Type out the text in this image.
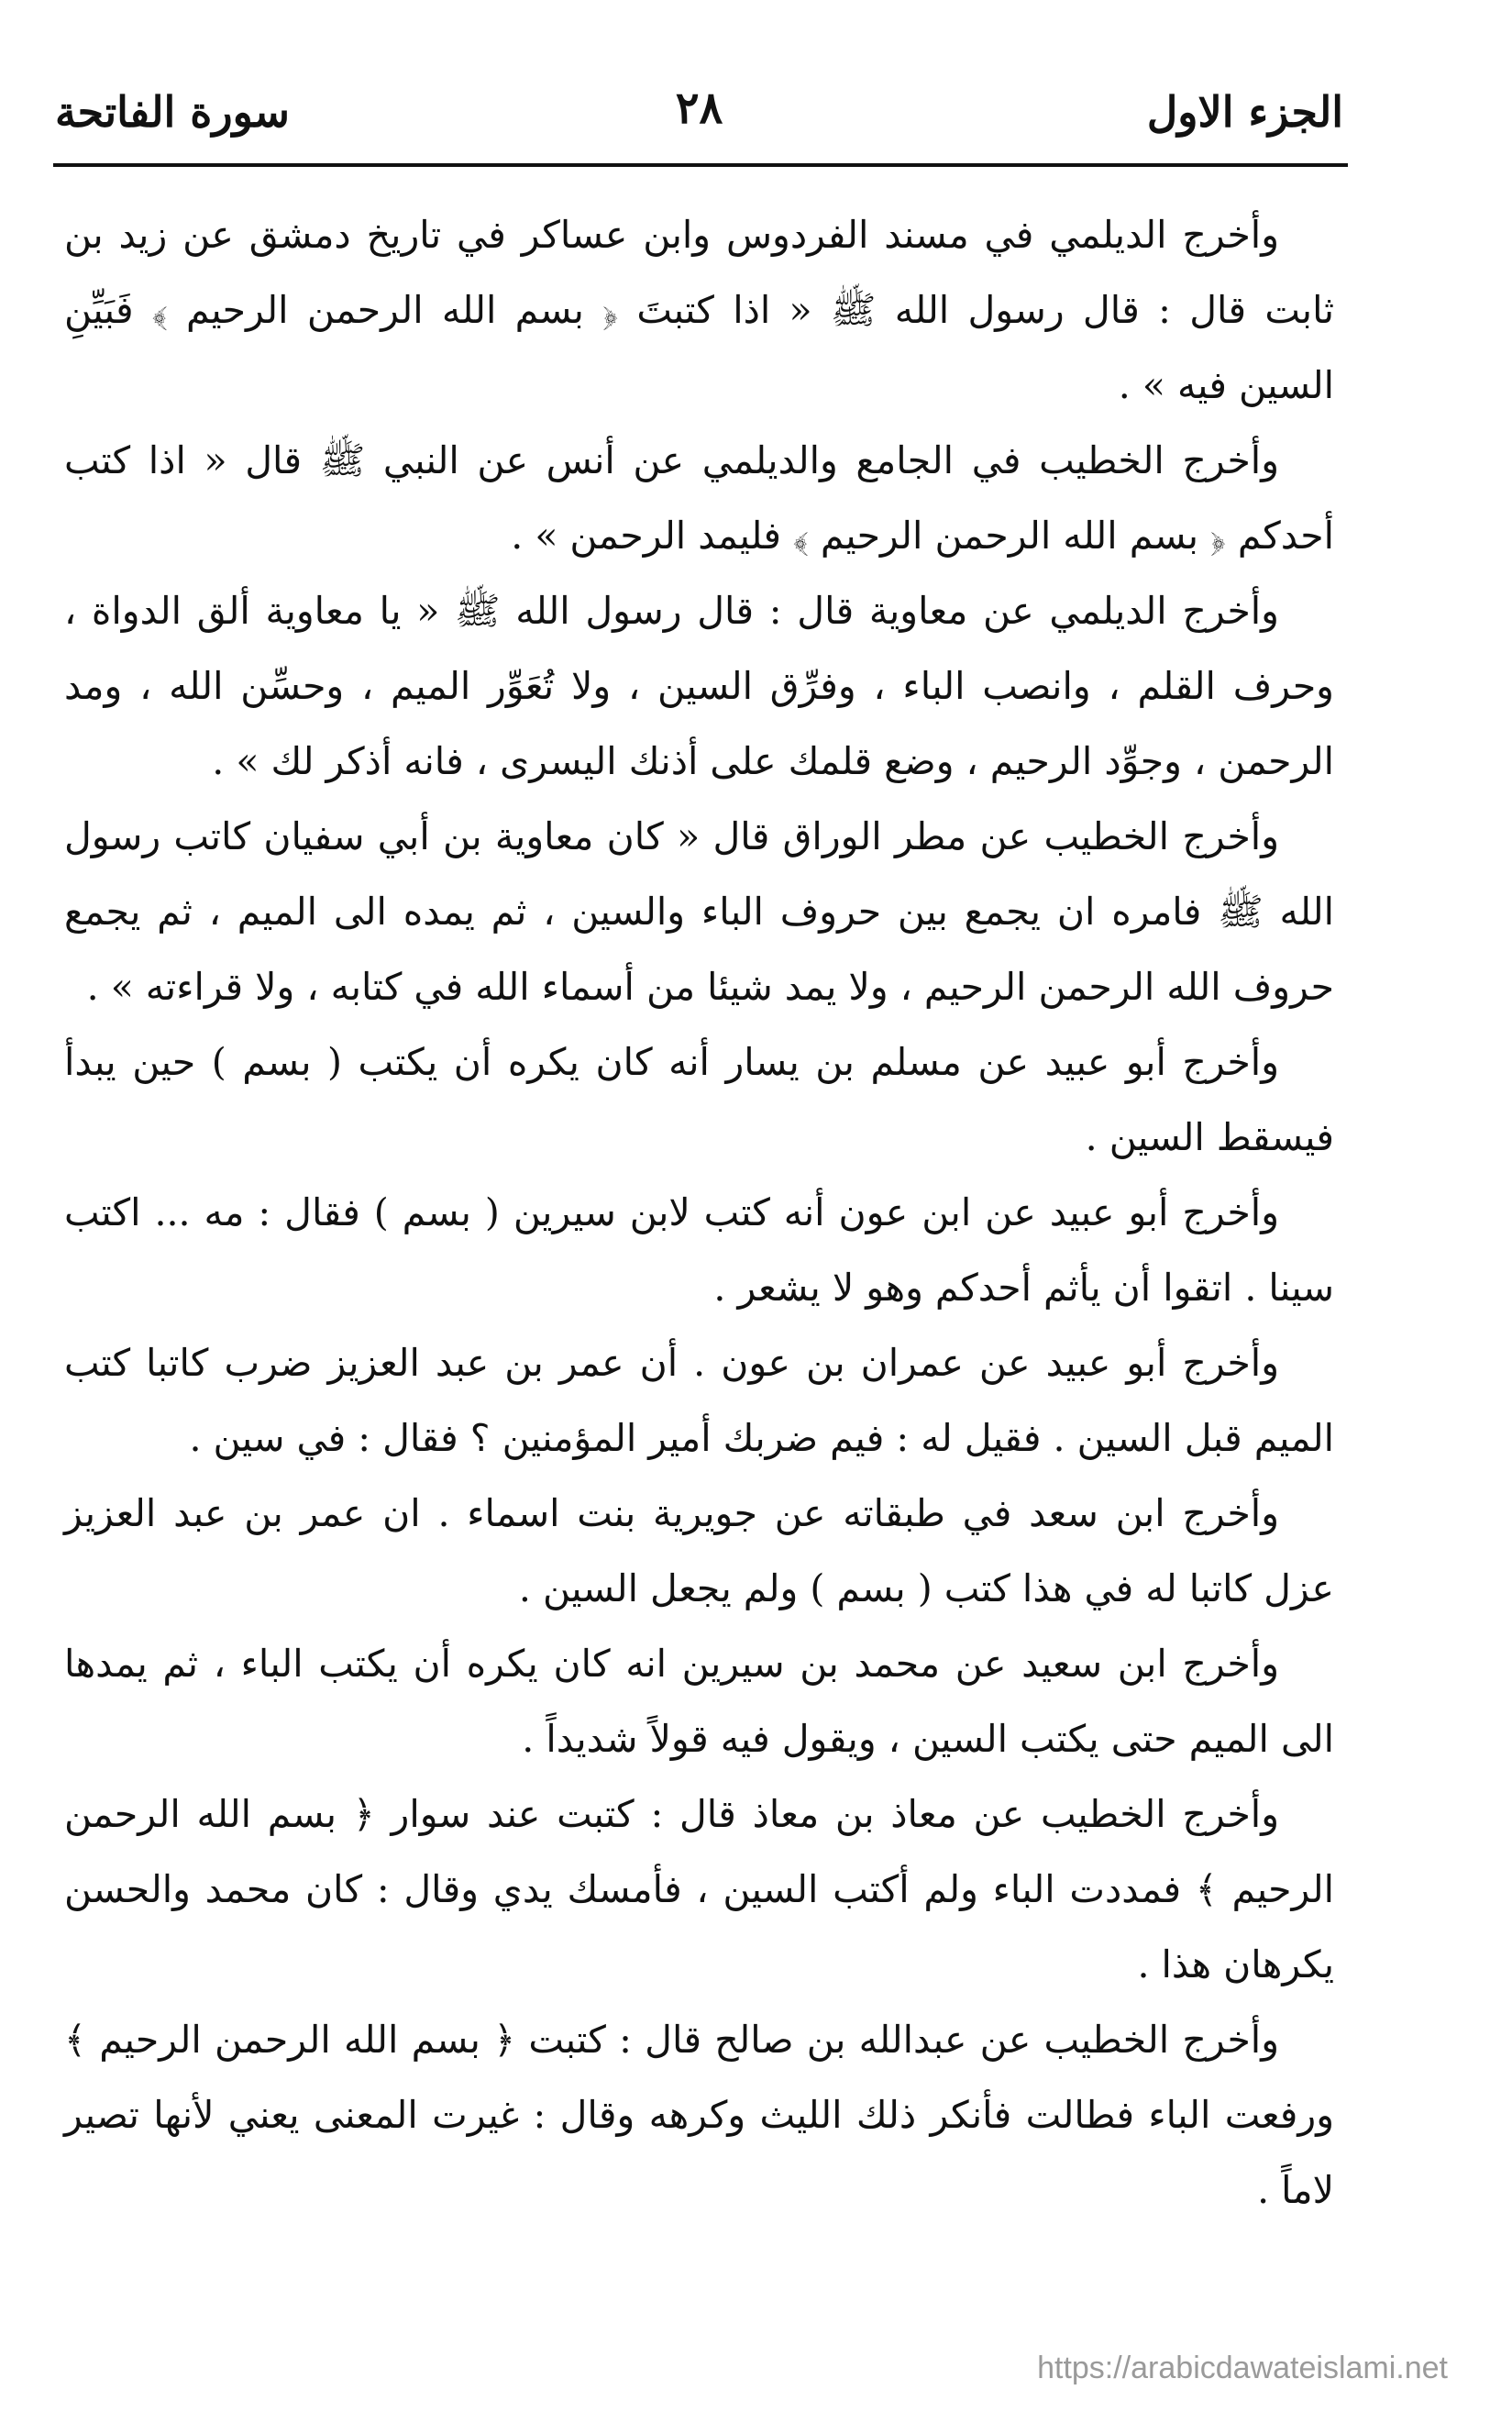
الجزء الاول
٢٨
سورة الفاتحة

وأخرج الديلمي في مسند الفردوس وابن عساكر في تاريخ دمشق عن زيد بن ثابت قال : قال رسول الله ﷺ « اذا كتبتَ ﴿ بسم الله الرحمن الرحيم ﴾ فَبَيِّنِ السين فيه » .

وأخرج الخطيب في الجامع والديلمي عن أنس عن النبي ﷺ قال « اذا كتب أحدكم ﴿ بسم الله الرحمن الرحيم ﴾ فليمد الرحمن » .

وأخرج الديلمي عن معاوية قال : قال رسول الله ﷺ « يا معاوية ألق الدواة ، وحرف القلم ، وانصب الباء ، وفرِّق السين ، ولا تُعَوِّر الميم ، وحسِّن الله ، ومد الرحمن ، وجوِّد الرحيم ، وضع قلمك على أذنك اليسرى ، فانه أذكر لك » .

وأخرج الخطيب عن مطر الوراق قال « كان معاوية بن أبي سفيان كاتب رسول الله ﷺ فامره ان يجمع بين حروف الباء والسين ، ثم يمده الى الميم ، ثم يجمع حروف الله الرحمن الرحيم ، ولا يمد شيئا من أسماء الله في كتابه ، ولا قراءته » .

وأخرج أبو عبيد عن مسلم بن يسار أنه كان يكره أن يكتب ( بسم ) حين يبدأ فيسقط السين .

وأخرج أبو عبيد عن ابن عون أنه كتب لابن سيرين ( بسم ) فقال : مه ... اكتب سينا . اتقوا أن يأثم أحدكم وهو لا يشعر .

وأخرج أبو عبيد عن عمران بن عون . أن عمر بن عبد العزيز ضرب كاتبا كتب الميم قبل السين . فقيل له : فيم ضربك أمير المؤمنين ؟ فقال : في سين .

وأخرج ابن سعد في طبقاته عن جويرية بنت اسماء . ان عمر بن عبد العزيز عزل كاتبا له في هذا كتب ( بسم ) ولم يجعل السين .

وأخرج ابن سعيد عن محمد بن سيرين انه كان يكره أن يكتب الباء ، ثم يمدها الى الميم حتى يكتب السين ، ويقول فيه قولاً شديداً .

وأخرج الخطيب عن معاذ بن معاذ قال : كتبت عند سوار ﴿ بسم الله الرحمن الرحيم ﴾ فمددت الباء ولم أكتب السين ، فأمسك يدي وقال : كان محمد والحسن يكرهان هذا .

وأخرج الخطيب عن عبدالله بن صالح قال : كتبت ﴿ بسم الله الرحمن الرحيم ﴾ ورفعت الباء فطالت فأنكر ذلك الليث وكرهه وقال : غيرت المعنى يعني لأنها تصير لاماً .

https://arabicdawateislami.net
